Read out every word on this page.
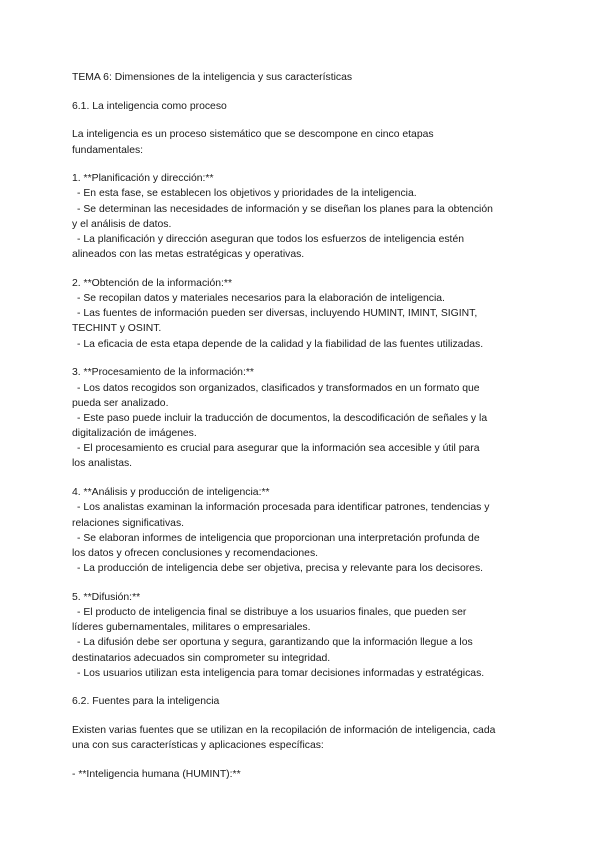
TEMA 6: Dimensiones de la inteligencia y sus características
6.1. La inteligencia como proceso
La inteligencia es un proceso sistemático que se descompone en cinco etapas
fundamentales:
1. **Planificación y dirección:**
- En esta fase, se establecen los objetivos y prioridades de la inteligencia.
- Se determinan las necesidades de información y se diseñan los planes para la obtención
y el análisis de datos.
- La planificación y dirección aseguran que todos los esfuerzos de inteligencia estén
alineados con las metas estratégicas y operativas.
2. **Obtención de la información:**
- Se recopilan datos y materiales necesarios para la elaboración de inteligencia.
- Las fuentes de información pueden ser diversas, incluyendo HUMINT, IMINT, SIGINT,
TECHINT y OSINT.
- La eficacia de esta etapa depende de la calidad y la fiabilidad de las fuentes utilizadas.
3. **Procesamiento de la información:**
- Los datos recogidos son organizados, clasificados y transformados en un formato que
pueda ser analizado.
- Este paso puede incluir la traducción de documentos, la descodificación de señales y la
digitalización de imágenes.
- El procesamiento es crucial para asegurar que la información sea accesible y útil para
los analistas.
4. **Análisis y producción de inteligencia:**
- Los analistas examinan la información procesada para identificar patrones, tendencias y
relaciones significativas.
- Se elaboran informes de inteligencia que proporcionan una interpretación profunda de
los datos y ofrecen conclusiones y recomendaciones.
- La producción de inteligencia debe ser objetiva, precisa y relevante para los decisores.
5. **Difusión:**
- El producto de inteligencia final se distribuye a los usuarios finales, que pueden ser
líderes gubernamentales, militares o empresariales.
- La difusión debe ser oportuna y segura, garantizando que la información llegue a los
destinatarios adecuados sin comprometer su integridad.
- Los usuarios utilizan esta inteligencia para tomar decisiones informadas y estratégicas.
6.2. Fuentes para la inteligencia
Existen varias fuentes que se utilizan en la recopilación de información de inteligencia, cada
una con sus características y aplicaciones específicas:
- **Inteligencia humana (HUMINT):**
